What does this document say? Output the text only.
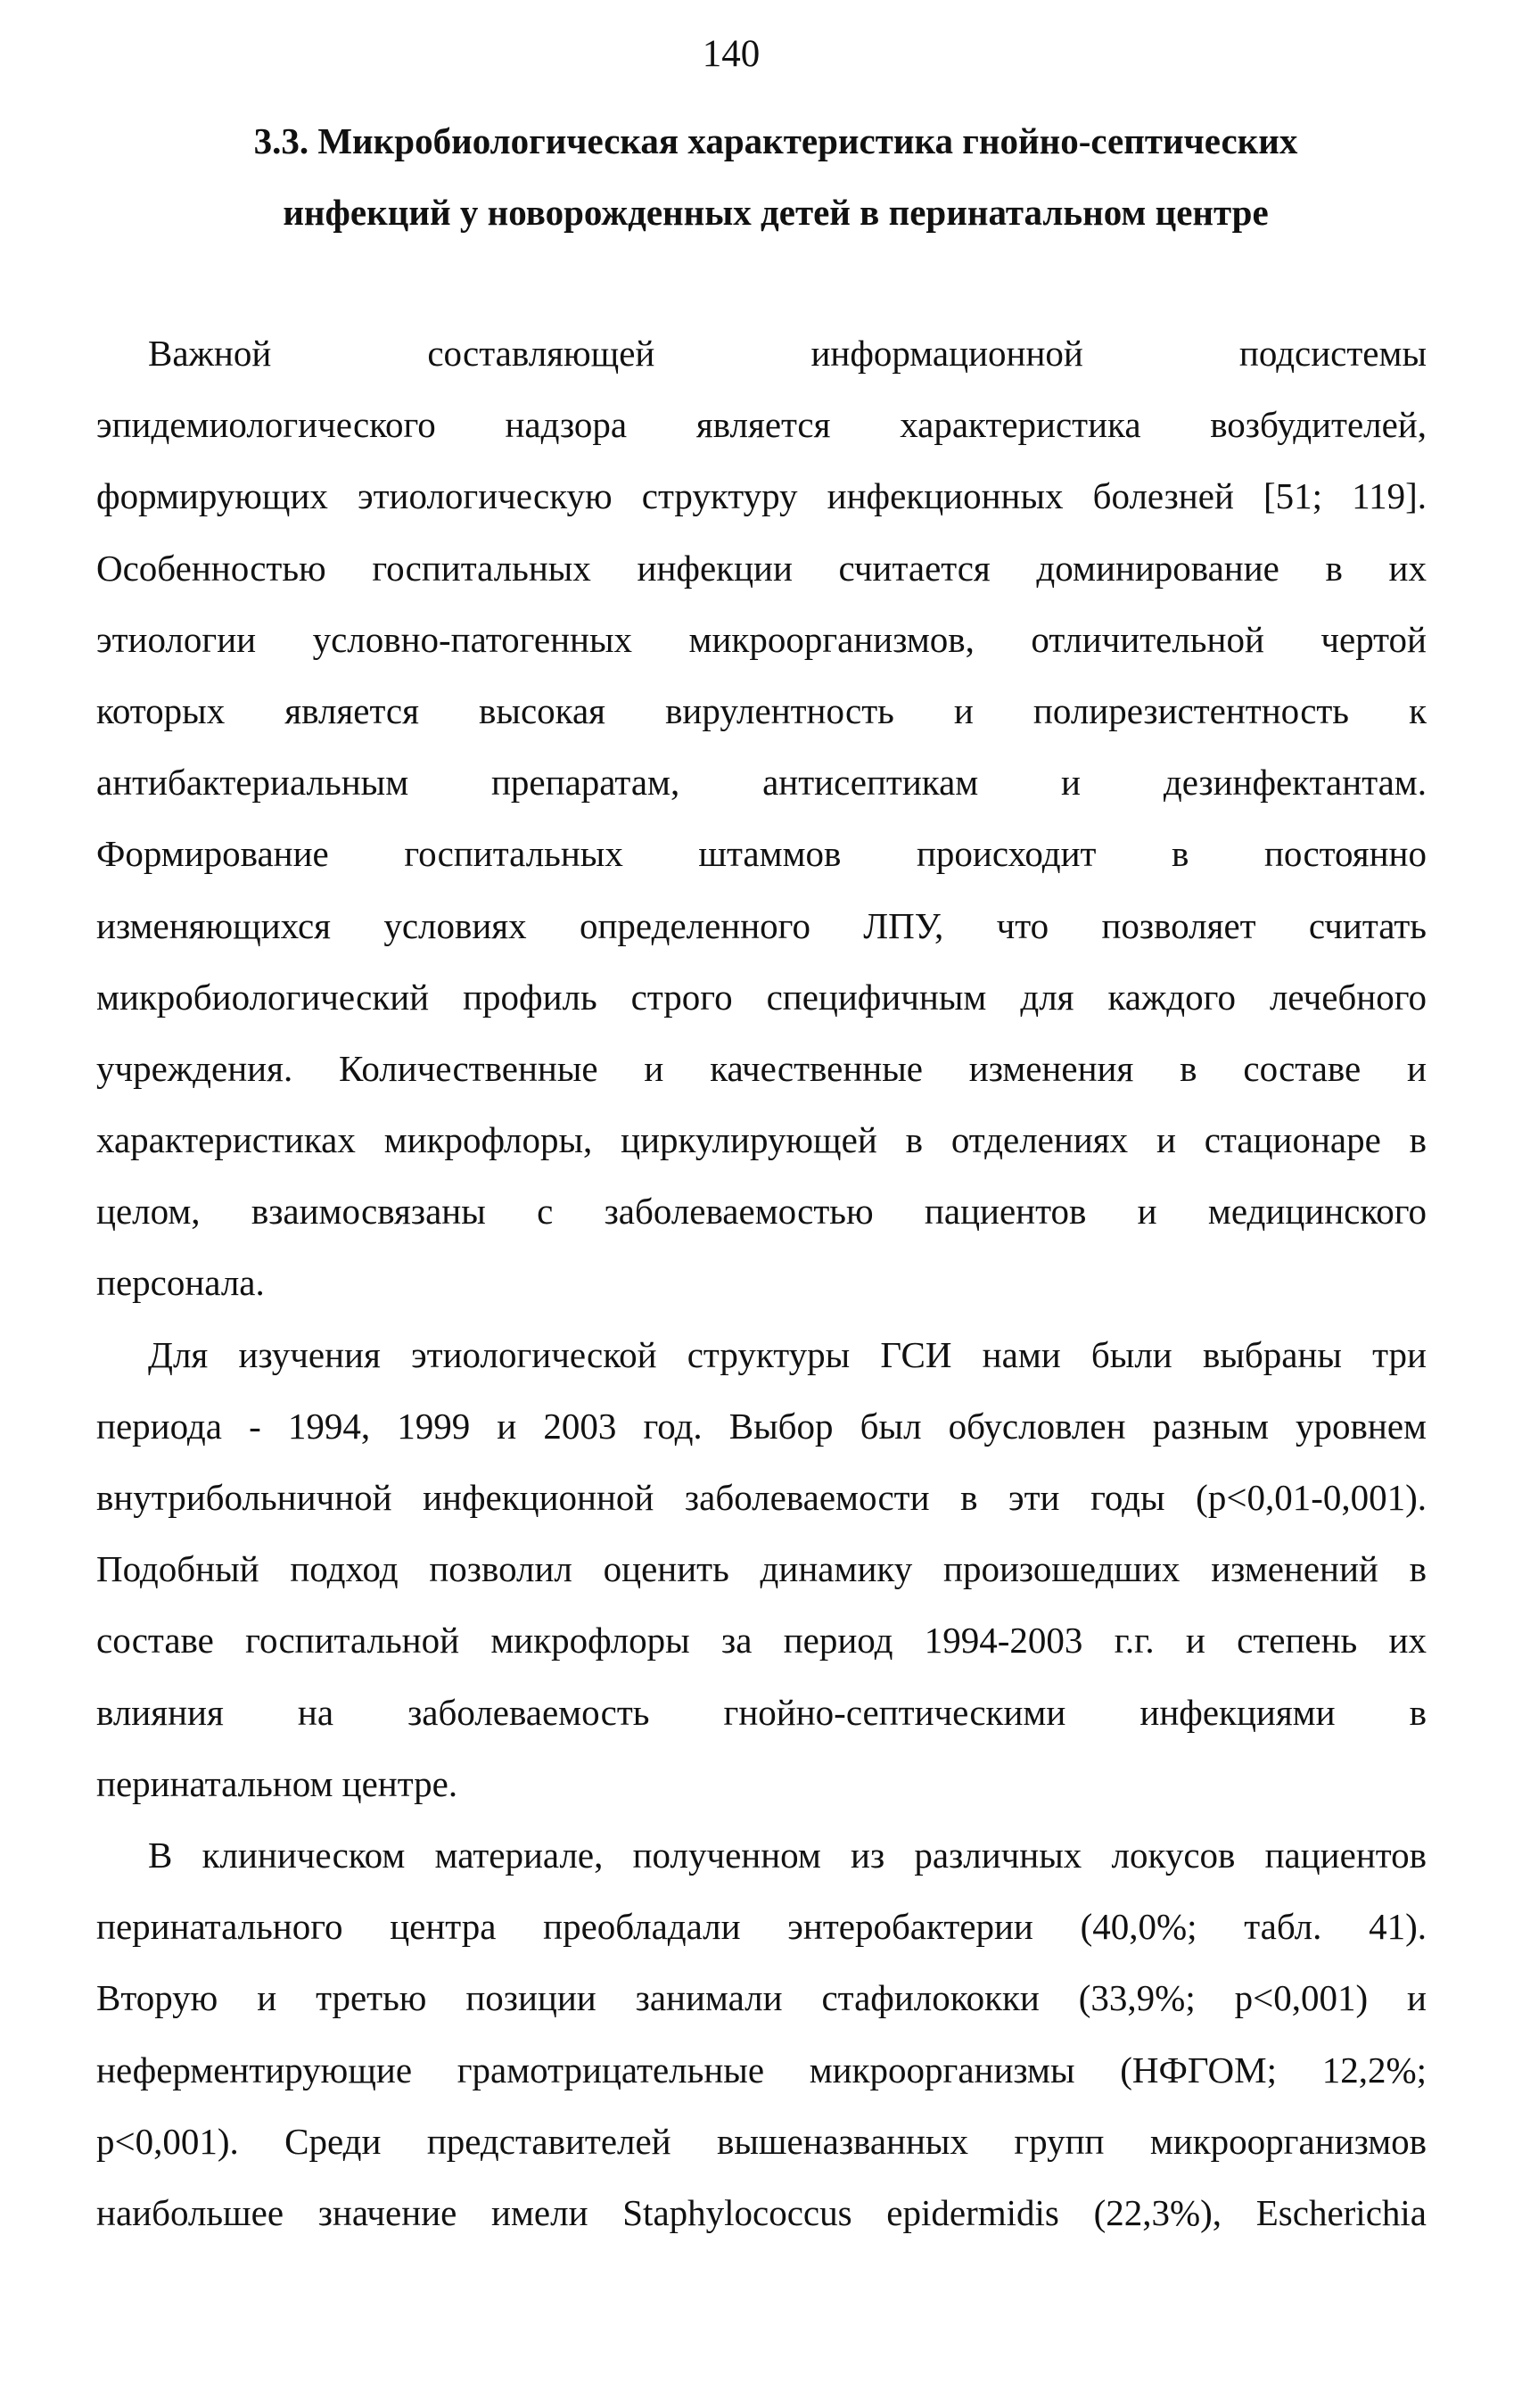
140
3.3. Микробиологическая характеристика гнойно-септических
инфекций у новорожденных детей в перинатальном центре
Важной составляющей информационной подсистемы
эпидемиологического надзора является характеристика возбудителей,
формирующих этиологическую структуру инфекционных болезней [51; 119].
Особенностью госпитальных инфекции считается доминирование в их
этиологии условно-патогенных микроорганизмов, отличительной чертой
которых является высокая вирулентность и полирезистентность к
антибактериальным препаратам, антисептикам и дезинфектантам.
Формирование госпитальных штаммов происходит в постоянно
изменяющихся условиях определенного ЛПУ, что позволяет считать
микробиологический профиль строго специфичным для каждого лечебного
учреждения. Количественные и качественные изменения в составе и
характеристиках микрофлоры, циркулирующей в отделениях и стационаре в
целом, взаимосвязаны с заболеваемостью пациентов и медицинского
персонала.
Для изучения этиологической структуры ГСИ нами были выбраны три
периода - 1994, 1999 и 2003 год. Выбор был обусловлен разным уровнем
внутрибольничной инфекционной заболеваемости в эти годы (р<0,01-0,001).
Подобный подход позволил оценить динамику произошедших изменений в
составе госпитальной микрофлоры за период 1994-2003 г.г. и степень их
влияния на заболеваемость гнойно-септическими инфекциями в
перинатальном центре.
В клиническом материале, полученном из различных локусов пациентов
перинатального центра преобладали энтеробактерии (40,0%; табл. 41).
Вторую и третью позиции занимали стафилококки (33,9%; р<0,001) и
неферментирующие грамотрицательные микроорганизмы (НФГОМ; 12,2%;
р<0,001). Среди представителей вышеназванных групп микроорганизмов
наибольшее значение имели Staphylococcus epidermidis (22,3%), Escherichia
